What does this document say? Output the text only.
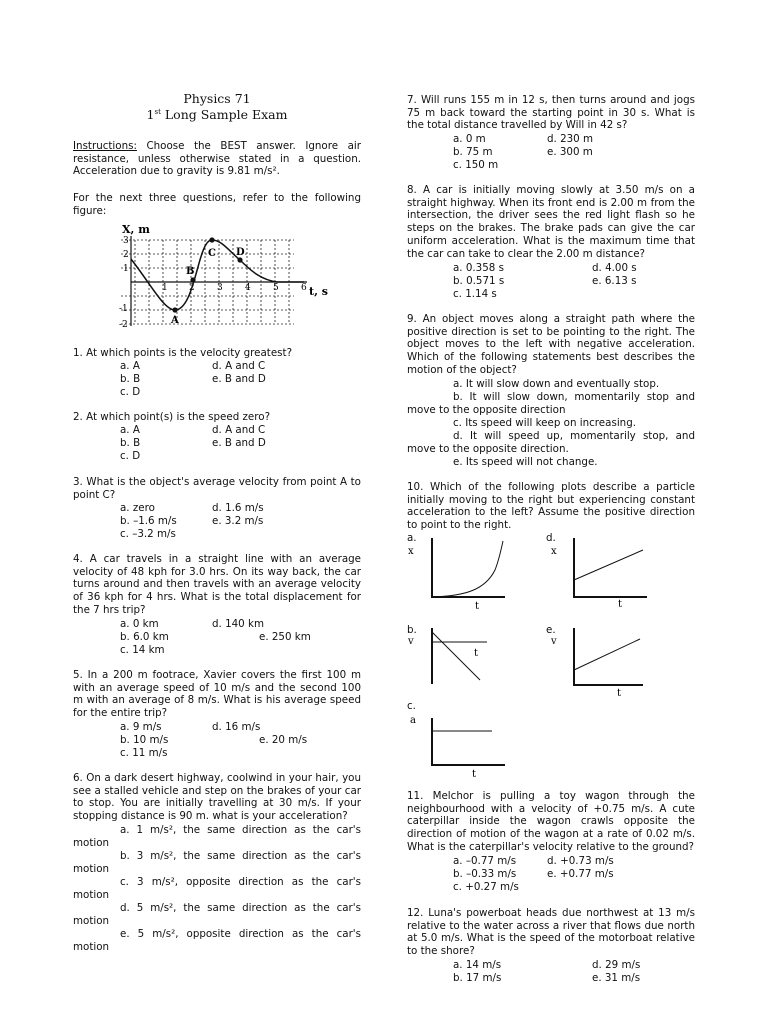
Physics 71
1st Long Sample Exam

Instructions: Choose the BEST answer. Ignore air resistance, unless otherwise stated in a question. Acceleration due to gravity is 9.81 m/s².

For the next three questions, refer to the following figure:

X, m
t, s
3
2
1
-1
-2
1 2 3 4 5 6
A
B
C D

1. At which points is the velocity greatest?

a. A	d. A and C
b. B	e. B and D
c. D

2. At which point(s) is the speed zero?

a. A	d. A and C
b. B	e. B and D
c. D

3. What is the object's average velocity from point A to point C?

a. zero	d. 1.6 m/s
b. –1.6 m/s	e. 3.2 m/s
c. –3.2 m/s

4. A car travels in a straight line with an average velocity of 48 kph for 3.0 hrs. On its way back, the car turns around and then travels with an average velocity of 36 kph for 4 hrs. What is the total displacement for the 7 hrs trip?

a. 0 km	d. 140 km
b. 6.0 km	e. 250 km
c. 14 km

5. In a 200 m footrace, Xavier covers the first 100 m with an average speed of 10 m/s and the second 100 m with an average of 8 m/s. What is his average speed for the entire trip?

a. 9 m/s	d. 16 m/s
b. 10 m/s	e. 20 m/s
c. 11 m/s

6. On a dark desert highway, coolwind in your hair, you see a stalled vehicle and step on the brakes of your car to stop. You are initially travelling at 30 m/s. If your stopping distance is 90 m. what is your acceleration?

a. 1 m/s², the same direction as the car's motion

b. 3 m/s², the same direction as the car's motion

c. 3 m/s², opposite direction as the car's motion

d. 5 m/s², the same direction as the car's motion

e. 5 m/s², opposite direction as the car's motion

7. Will runs 155 m in 12 s, then turns around and jogs 75 m back toward the starting point in 30 s. What is the total distance travelled by Will in 42 s?

a. 0 m	d. 230 m
b. 75 m	e. 300 m
c. 150 m

8. A car is initially moving slowly at 3.50 m/s on a straight highway. When its front end is 2.00 m from the intersection, the driver sees the red light flash so he steps on the brakes. The brake pads can give the car uniform acceleration. What is the maximum time that the car can take to clear the 2.00 m distance?

a. 0.358 s	d. 4.00 s
b. 0.571 s	e. 6.13 s
c. 1.14 s

9. An object moves along a straight path where the positive direction is set to be pointing to the right. The object moves to the left with negative acceleration. Which of the following statements best describes the motion of the object?

a. It will slow down and eventually stop.

b. It will slow down, momentarily stop and move to the opposite direction

c. Its speed will keep on increasing.

d. It will speed up, momentarily stop, and move to the opposite direction.

e. Its speed will not change.

10. Which of the following plots describe a particle initially moving to the right but experiencing constant acceleration to the left? Assume the positive direction to point to the right.

a.
x
t
d.
x
t
b.
v
t
e.
v
t
c.
a
t

11. Melchor is pulling a toy wagon through the neighbourhood with a velocity of +0.75 m/s. A cute caterpillar inside the wagon crawls opposite the direction of motion of the wagon at a rate of 0.02 m/s. What is the caterpillar's velocity relative to the ground?

a. –0.77 m/s	d. +0.73 m/s
b. –0.33 m/s	e. +0.77 m/s
c. +0.27 m/s

12. Luna's powerboat heads due northwest at 13 m/s relative to the water across a river that flows due north at 5.0 m/s. What is the speed of the motorboat relative to the shore?

a. 14 m/s	d. 29 m/s
b. 17 m/s	e. 31 m/s
